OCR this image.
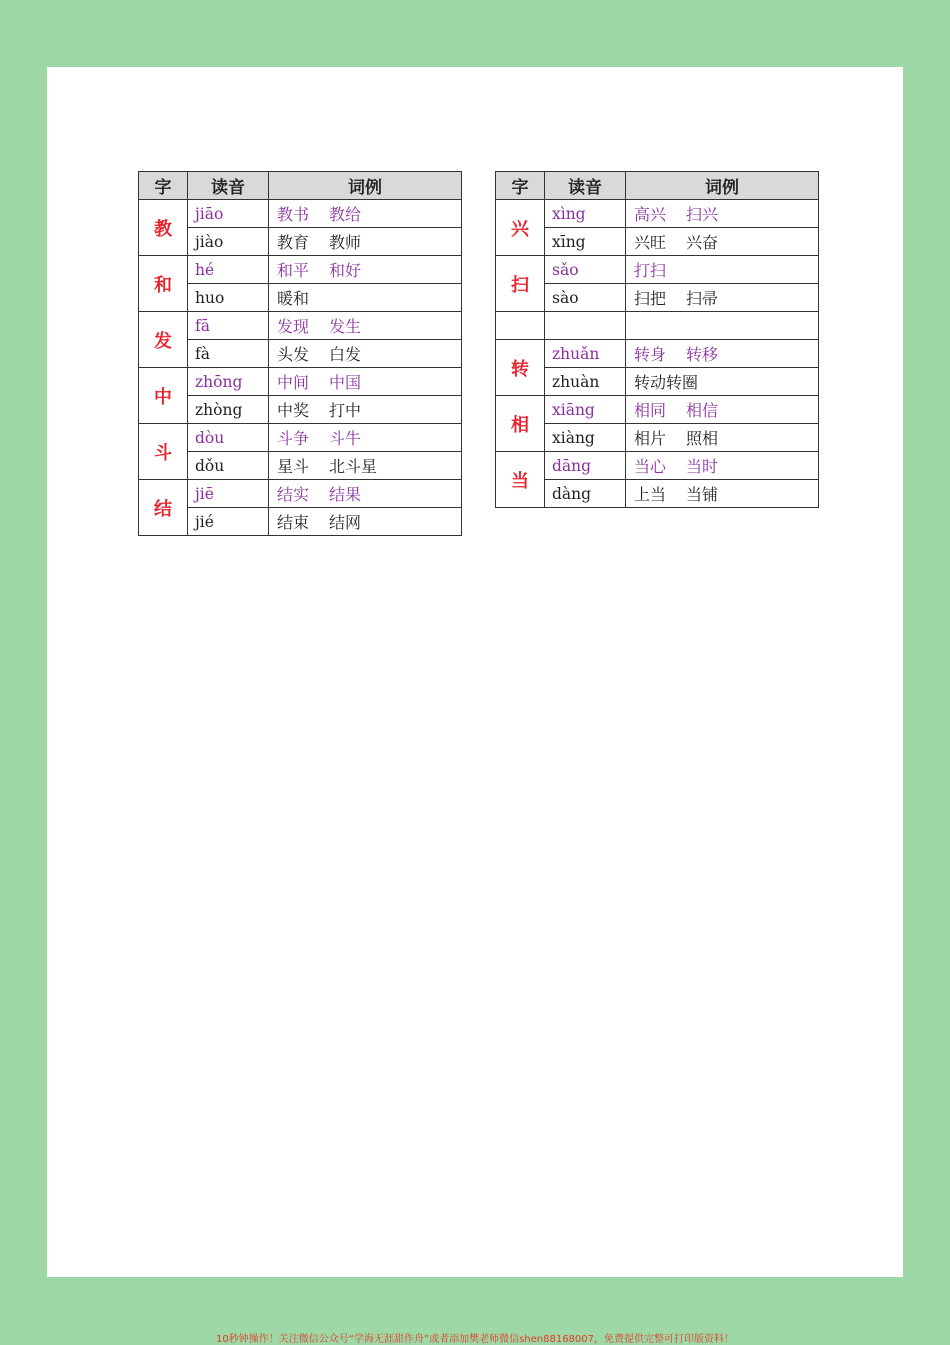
字	读音	词例
教	jiāo	教书 教给
	jiào	教育 教师
和	hé	和平 和好
	huo	暖和
发	fā	发现 发生
	fà	头发 白发
中	zhōng	中间 中国
	zhòng	中奖 打中
斗	dòu	斗争 斗牛
	dǒu	星斗 北斗星
结	jiē	结实 结果
	jié	结束 结网
字	读音	词例
兴	xìng	高兴 扫兴
	xīng	兴旺 兴奋
扫	sǎo	打扫
	sào	扫把 扫帚

转	zhuǎn	转身 转移
	zhuàn	转动转圈
相	xiāng	相同 相信
	xiàng	相片 照相
当	dāng	当心 当时
	dàng	上当 当铺
10秒钟操作！关注微信公众号“学海无涯甜作舟”或者添加樊老师微信shen88168007，免费提供完整可打印版资料！
